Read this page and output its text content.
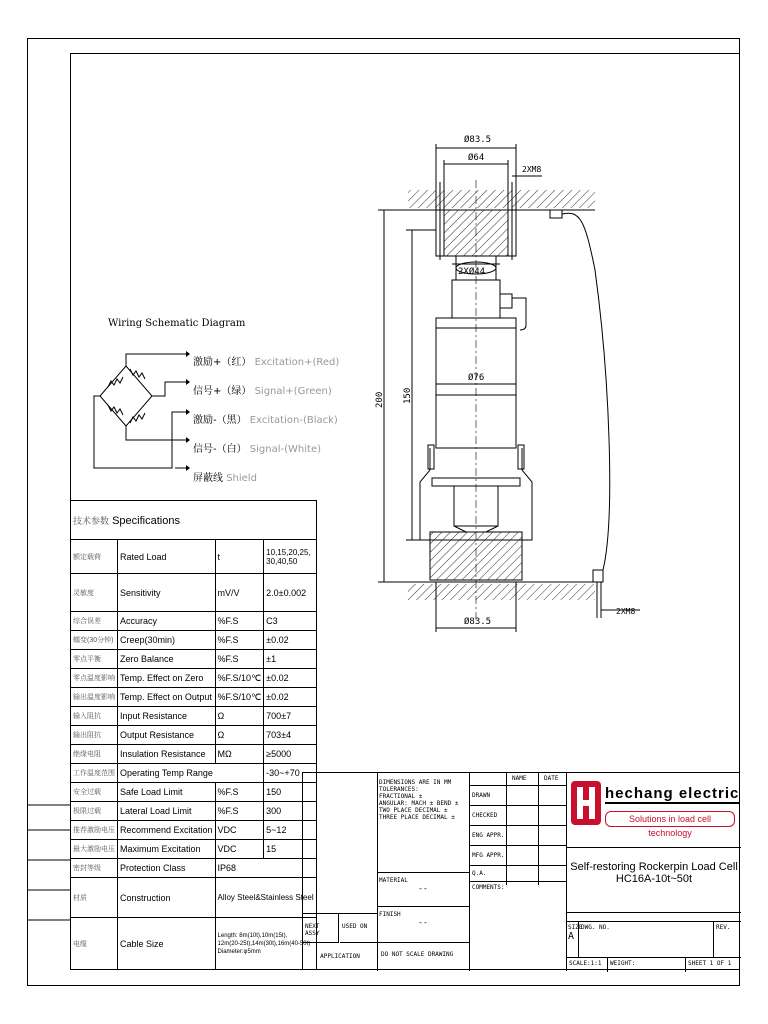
Wiring Schematic Diagram
激励+（红） Excitation+(Red)
信号+（绿） Signal+(Green)
激励-（黑） Excitation-(Black)
信号-（白） Signal-(White)
屏蔽线 Shield
Ø83.5
Ø64
2XM8
2XØ44
Ø76
200 150
Ø83.5
2XM8
技术参数 Specifications			
额定载荷	Rated Load	t	10,15,20,25,
30,40,50
灵敏度	Sensitivity	mV/V	2.0±0.002
综合误差	Accuracy	%F.S	C3
蠕变(30分钟)	Creep(30min)	%F.S	±0.02
零点平衡	Zero Balance	%F.S	±1
零点温度影响	Temp. Effect on Zero	%F.S/10℃	±0.02
输出温度影响	Temp. Effect on Output	%F.S/10℃	±0.02
输入阻抗	Input Resistance	Ω	700±7
输出阻抗	Output Resistance	Ω	703±4
绝缘电阻	Insulation Resistance	MΩ	≥5000
工作温度范围	Operating Temp Range		-30~+70
安全过载	Safe Load Limit	%F.S	150
极限过载	Lateral Load Limit	%F.S	300
推荐激励电压	Recommend Excitation	VDC	5~12
最大激励电压	Maximum Excitation	VDC	15
密封等级	Protection Class	IP68	
材质	Construction	Alloy Steel&Stainless Steel	
电缆	Cable Size	Length: 8m(10t),10m(15t),
12m(20-25t),14m(30t),16m(40-50t)
Diameter:φ5mm	
NEXT ASSY
USED ON
APPLICATION
DIMENSIONS ARE IN MM
TOLERANCES:
FRACTIONAL ±
ANGULAR: MACH ± BEND ±
TWO PLACE DECIMAL ±
THREE PLACE DECIMAL ±
MATERIAL
--
FINISH
--
DO NOT SCALE DRAWING
NAME	DATE
DRAWN
CHECKED
ENG APPR.
MFG APPR.
Q.A.
COMMENTS:
hechang electric
Solutions in load cell technology
Self-restoring Rockerpin Load Cell
HC16A-10t~50t
SIZE
A
DWG. NO.	REV.
SCALE:1:1	WEIGHT:	SHEET 1 OF 1
